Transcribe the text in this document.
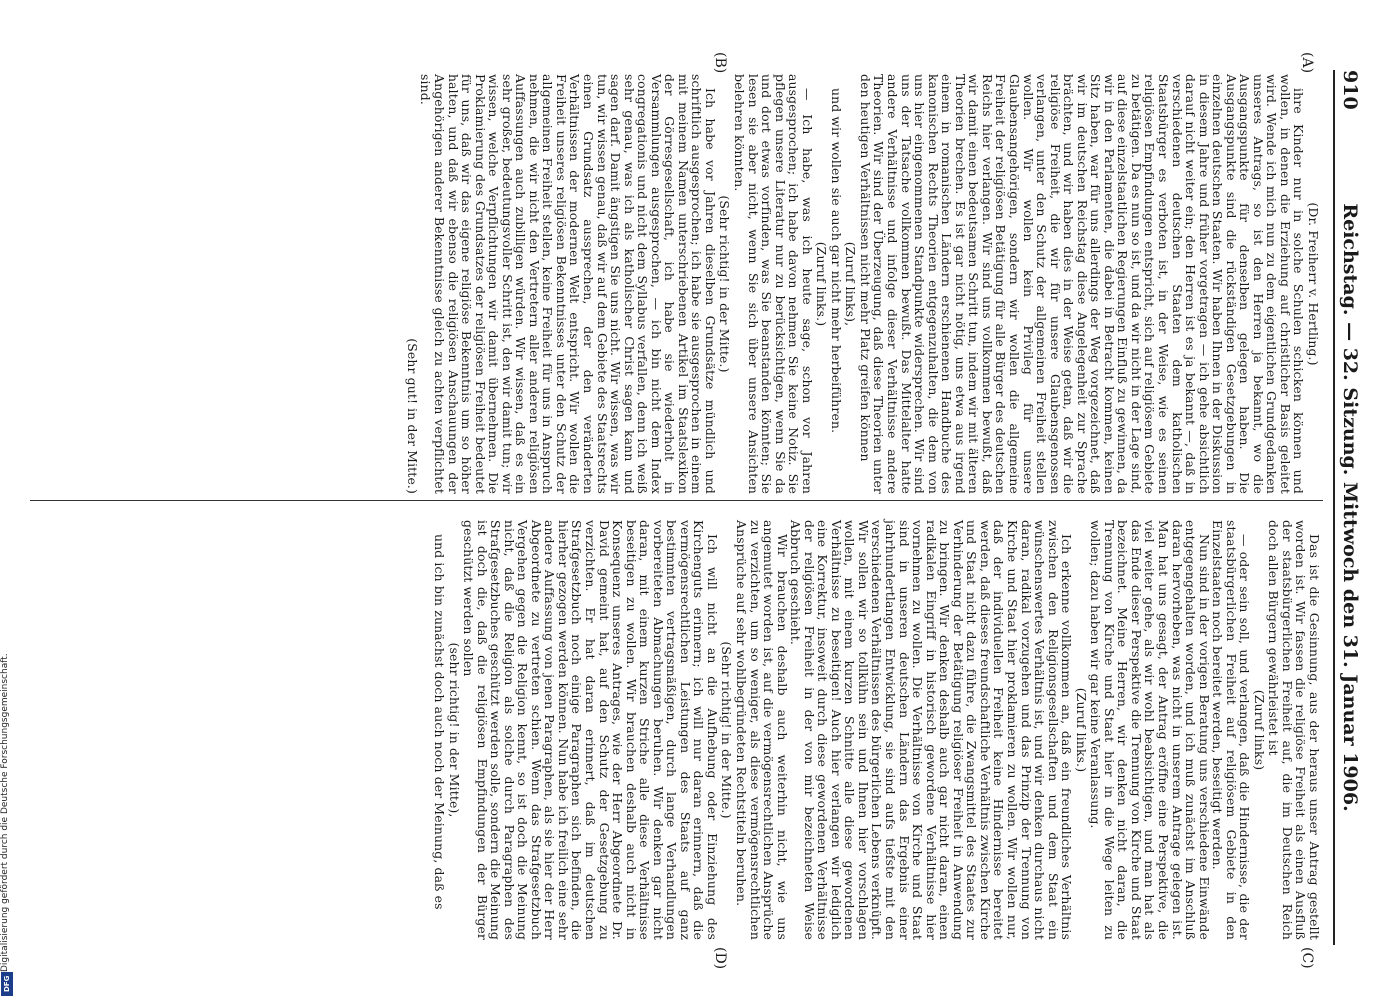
Digitalisierung gefördert durch die Deutsche Forschungsgemeinschaft.
DFG
910
Reichstag. — 32. Sitzung. Mittwoch den 31. Januar 1906.
(A)
(B)
(C)
(D)

(Dr. Freiherr v. Hertling.)

ihre Kinder nur in solche Schulen schicken können und wollen, in denen die Erziehung auf christlicher Basis geleitet wird. Wende ich mich nun zu dem eigentlichen Grundgedanken unseres Antrags, so ist den Herren ja bekannt, wo die Ausgangspunkte für denselben gelegen haben. Die Ausgangspunkte sind die rückständigen Gesetzgebungen in einzelnen deutschen Staaten. Wir haben Ihnen in der Diskussion in diesem Jahre und früher vorgetragen — ich gehe absichtlich darauf nicht weiter ein; den Herren ist es ja bekannt —, daß in verschiedenen deutschen Staaten dem katholischen Staatsbürger es verboten ist, in der Weise, wie es seinen religiösen Empfindungen entspricht, sich auf religiösem Gebiete zu betätigen. Da es nun so ist, und da wir nicht in der Lage sind, auf diese einzelstaatlichen Regierungen Einfluß zu gewinnen, da wir in den Parlamenten, die dabei in Betracht kommen, keinen Sitz haben, war für uns allerdings der Weg vorgezeichnet, daß wir im deutschen Reichstag diese Angelegenheit zur Sprache brächten, und wir haben dies in der Weise getan, daß wir die religiöse Freiheit, die wir für unsere Glaubensgenossen verlangen, unter den Schutz der allgemeinen Freiheit stellen wollen. Wir wollen kein Privileg für unsere Glaubensangehörigen, sondern wir wollen die allgemeine Freiheit der religiösen Betätigung für alle Bürger des deutschen Reichs hier verlangen. Wir sind uns vollkommen bewußt, daß wir damit einen bedeutsamen Schritt tun, indem wir mit älteren Theorien brechen. Es ist gar nicht nötig, uns etwa aus irgend einem in romanischen Ländern erschienenen Handbuche des kanonischen Rechts Theorien entgegenzuhalten, die dem von uns hier eingenommenen Standpunkte widersprechen. Wir sind uns der Tatsache vollkommen bewußt. Das Mittelalter hatte andere Verhältnisse und infolge dieser Verhältnisse andere Theorien. Wir sind der Überzeugung, daß diese Theorien unter den heutigen Verhältnissen nicht mehr Platz greifen können

(Zuruf links),

und wir wollen sie auch gar nicht mehr herbeiführen.

(Zuruf links.)

— Ich habe, was ich heute sage, schon vor Jahren ausgesprochen; ich habe davon nehmen Sie keine Notiz. Sie pflegen unsere Literatur nur zu berücksichtigen, wenn Sie da und dort etwas vorfinden, was Sie beanstanden könnten; Sie lesen sie aber nicht, wenn Sie sich über unsere Ansichten belehren könnten.

(Sehr richtig! in der Mitte.)

Ich habe vor Jahren dieselben Grundsätze mündlich und schriftlich ausgesprochen; ich habe sie ausgesprochen in einem mit meinem Namen unterschriebenen Artikel im Staatslexikon der Görresgesellschaft, ich habe sie wiederholt in Versammlungen ausgesprochen, — ich bin nicht dem Index congregationis und nicht dem Syllabus verfallen, denn ich weiß sehr genau, was ich als katholischer Christ sagen kann und sagen darf. Damit ängstigen Sie uns nicht. Wir wissen, was wir tun, wir wissen genau, daß wir auf dem Gebiete des Staatsrechts einen Grundsatz aussprechen, der den veränderten Verhältnissen der modernen Welt entspricht. Wir wollen die Freiheit unseres religiösen Bekenntnisses unter den Schutz der allgemeinen Freiheit stellen, keine Freiheit für uns in Anspruch nehmen, die wir nicht den Vertretern aller anderen religiösen Auffassungen auch zubilligen würden. Wir wissen, daß es ein sehr großer, bedeutungsvoller Schritt ist, den wir damit tun; wir wissen, welche Verpflichtungen wir damit übernehmen. Die Proklamierung des Grundsatzes der religiösen Freiheit bedeutet für uns, daß wir das eigene religiöse Bekenntnis um so höher halten, und daß wir ebenso die religiösen Anschauungen der Angehörigen anderer Bekenntnisse gleich zu achten verpflichtet sind.

(Sehr gut! in der Mitte.)

Das ist die Gesinnung, aus der heraus unser Antrag gestellt worden ist. Wir fassen die religiöse Freiheit als einen Ausfluß der staatsbürgerlichen Freiheit auf, die im Deutschen Reich doch allen Bürgern gewährleistet ist

(Zuruf links)

— oder sein soll, und verlangen, daß die Hindernisse, die der staatsbürgerlichen Freiheit auf religiösem Gebiete in den Einzelstaaten noch bereitet werden, beseitigt werden.

Nun sind in der vorigen Beratung uns verschiedene Einwände entgegengehalten worden, und ich muß zunächst im Anschluß daran hervorheben, was nicht in unserem Antrage gelegen ist. Man hat uns gesagt, der Antrag eröffne eine Perspektive, die viel weiter gehe, als wir wohl beabsichtigen, und man hat als das Ende dieser Perspektive die Trennung von Kirche und Staat bezeichnet. Meine Herren, wir denken nicht daran, die Trennung von Kirche und Staat hier in die Wege leiten zu wollen; dazu haben wir gar keine Veranlassung.

(Zuruf links.)

Ich erkenne vollkommen an, daß ein freundliches Verhältnis zwischen den Religionsgesellschaften und dem Staat ein wünschenswertes Verhältnis ist, und wir denken durchaus nicht daran, radikal vorzugehen und das Prinzip der Trennung von Kirche und Staat hier proklamieren zu wollen. Wir wollen nur, daß der individuellen Freiheit keine Hindernisse bereitet werden, daß dieses freundschaftliche Verhältnis zwischen Kirche und Staat nicht dazu führe, die Zwangsmittel des Staates zur Verhinderung der Betätigung religiöser Freiheit in Anwendung zu bringen. Wir denken deshalb auch gar nicht daran, einen radikalen Eingriff in historisch gewordene Verhältnisse hier vornehmen zu wollen. Die Verhältnisse von Kirche und Staat sind in unseren deutschen Ländern das Ergebnis einer jahrhundertlangen Entwicklung, sie sind aufs tiefste mit den verschiedenen Verhältnissen des bürgerlichen Lebens verknüpft. Wir sollen wir so tollkühn sein und Ihnen hier vorschlagen wollen, mit einem kurzen Schnitte alle diese gewordenen Verhältnisse zu beseitigen! Auch hier verlangen wir lediglich eine Korrektur, insoweit durch diese gewordenen Verhältnisse der religiösen Freiheit in der von mir bezeichneten Weise Abbruch geschieht.

Wir brauchen deshalb auch weiterhin nicht, wie uns angemutet worden ist, auf die vermögensrechtlichen Ansprüche zu verzichten, um so weniger, als diese vermögensrechtlichen Ansprüche auf sehr wohlbegründeten Rechtstiteln beruhen.

(Sehr richtig! in der Mitte.)

Ich will nicht an die Aufhebung oder Einziehung des Kirchenguts erinnern; ich will nur daran erinnern, daß die vermögensrechtlichen Leistungen des Staats auf ganz bestimmten vertragsmäßigen, durch lange Verhandlungen vorbereiteten Abmachungen beruhen. Wir denken gar nicht daran, mit einem kurzen Striche alle diese Verhältnisse beseitigen zu wollen. Wir brauchen deshalb auch nicht in Konsequenz unseres Antrages, wie der Herr Abgeordnete Dr. David gemeint hat, auf den Schutz der Gesetzgebung zu verzichten. Er hat daran erinnert, daß im deutschen Strafgesetzbuch noch einige Paragraphen sich befinden, die hierher gezogen werden können. Nun habe ich freilich eine sehr andere Auffassung von jenen Paragraphen, als sie hier der Herr Abgeordnete zu vertreten schien. Wenn das Strafgesetzbuch Vergehen gegen die Religion kennt, so ist doch die Meinung nicht, daß die Religion als solche durch Paragraphen des Strafgesetzbuches geschützt werden solle, sondern die Meinung ist doch die, daß die religiösen Empfindungen der Bürger geschützt werden sollen

(sehr richtig! in der Mitte),

und ich bin zunächst doch auch noch der Meinung, daß es
